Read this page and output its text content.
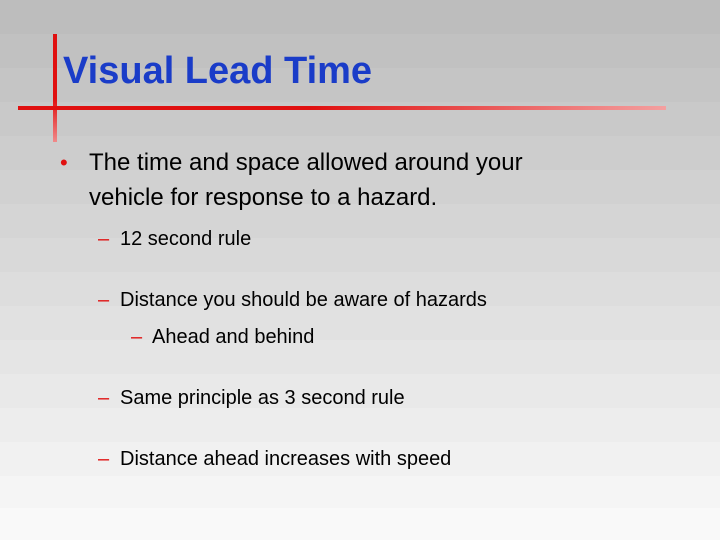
Visual Lead Time
• The time and space allowed around your
vehicle for response to a hazard.
– 12 second rule
– Distance you should be aware of hazards
– Ahead and behind
– Same principle as 3 second rule
– Distance ahead increases with speed
